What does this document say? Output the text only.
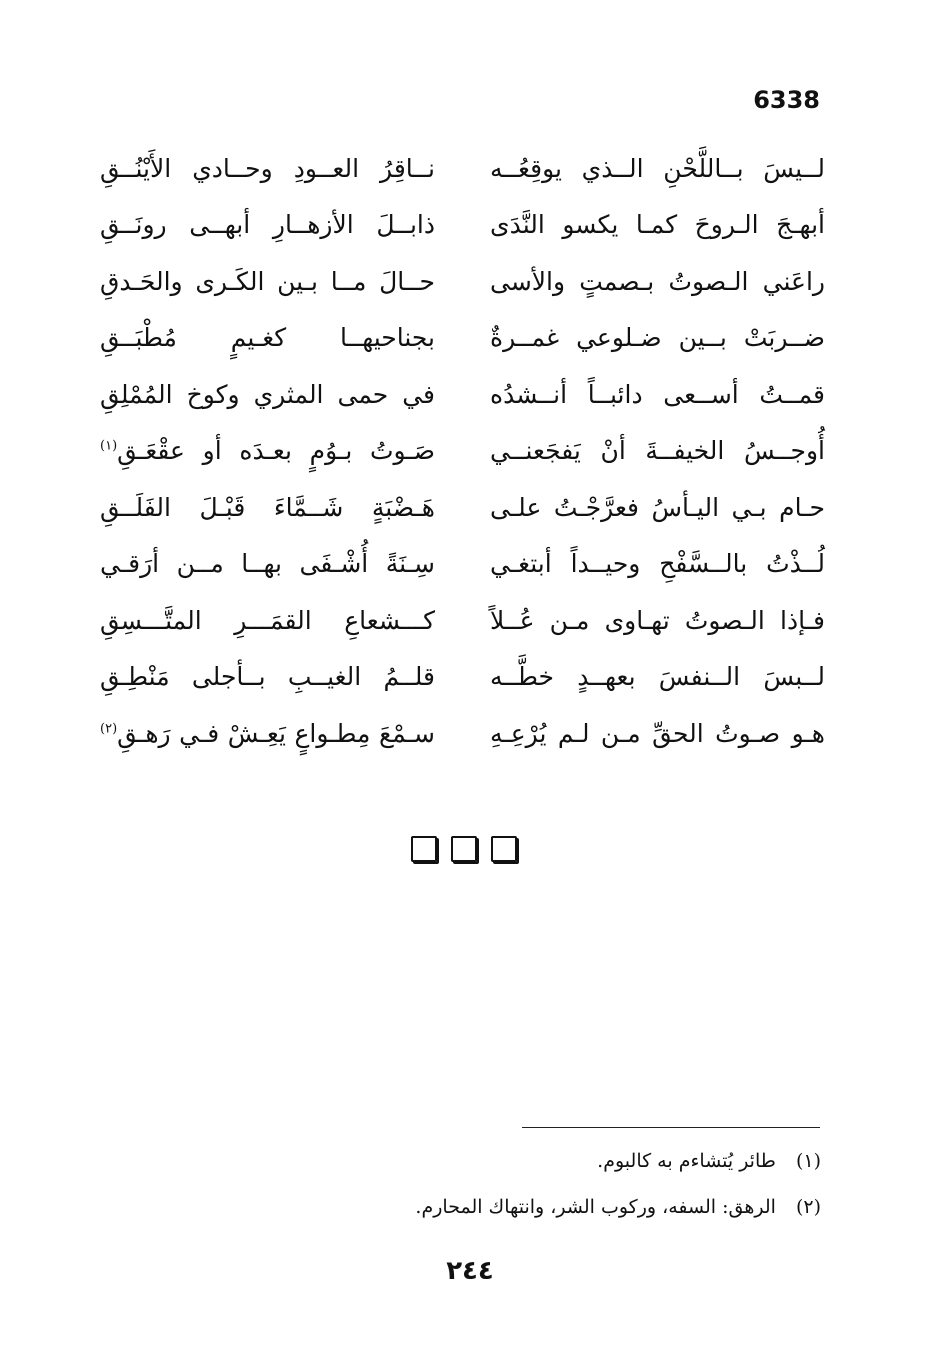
6338
لــيسَ بــاللَّحْنِ الــذي يوقِعُــه
نــاقِرُ العــودِ وحــادي الأَيْنُــقِ
أبهـجَ الـروحَ كمـا يكسو النَّدَى
ذابــلَ الأزهــارِ أبهــى رونَــقِ
راعَني الـصوتُ بـصمتٍ والأسى
حــالَ مــا بـين الكَـرى والحَـدقِ
ضــربَتْ بــين ضـلوعي غمــرةٌ
بجناحيهــا كغـيمٍ مُطْبَــقِ
قمــتُ أســعى دائبــاً أنــشدُه
في حمى المثري وكوخ المُمْلِقِ
أُوجــسُ الخيفــةَ أنْ يَفجَعنــي
صَـوتُ بـوُمٍ بعـدَه أو عقْعَـقِ$^{(١)}$
حـام بـي اليـأسُ فعرَّجْـتُ علـى
هَـضْبَةٍ شَــمَّاءَ قَبْـلَ الفَلَــقِ
لُــذْتُ بالــسَّفْحِ وحيــداً أبتغـي
سِـنَةً أُشْـفَى بهــا مــن أرَقـي
فـإذا الـصوتُ تهـاوى مـن عُــلاً
كـــشعاعِ القمَـــرِ المتَّـــسِقِ
لــبسَ الــنفسَ بعهــدٍ خطَّــه
قلــمُ الغيــبِ بــأجلى مَنْطِـقِ
هـو صـوتُ الحقِّ مـن لـم يُرْعِـهِ
سـمْعَ مِطـواعٍ يَعِـشْ فـي رَهـقِ$^{(٢)}$
(١) طائر يُتشاءم به كالبوم.
(٢) الرهق: السفه، وركوب الشر، وانتهاك المحارم.
٢٤٤
